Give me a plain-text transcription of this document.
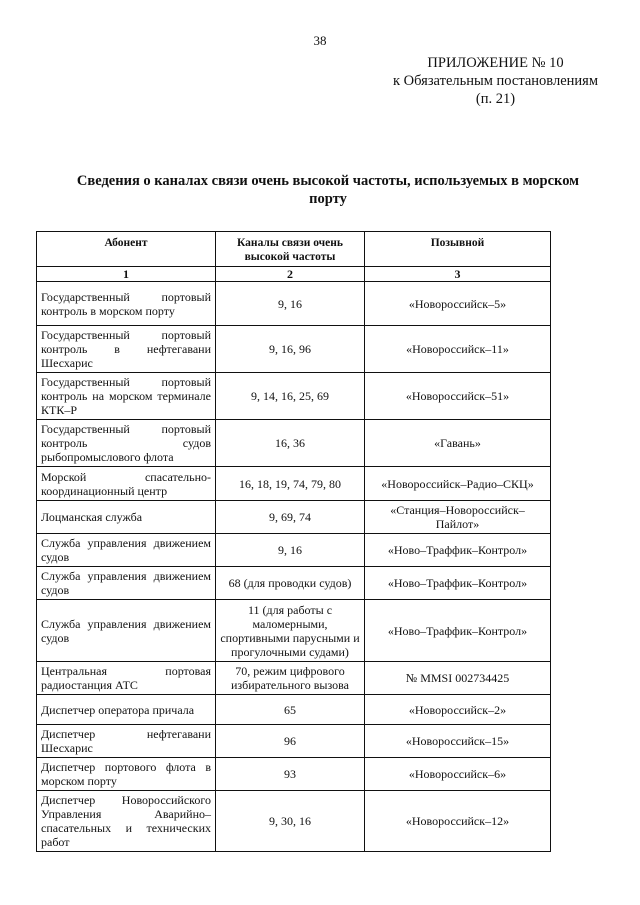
38
ПРИЛОЖЕНИЕ № 10
к Обязательным постановлениям
(п. 21)
Сведения о каналах связи очень высокой частоты, используемых в морском порту
Абонент	Каналы связи очень высокой частоты	Позывной
1	2	3
Государственный портовый контроль в морском порту	9, 16	«Новороссийск–5»
Государственный портовый контроль в нефтегавани Шесхарис	9, 16, 96	«Новороссийск–11»
Государственный портовый контроль на морском терминале КТК–Р	9, 14, 16, 25, 69	«Новороссийск–51»
Государственный портовый контроль судов рыбопромыслового флота	16, 36	«Гавань»
Морской спасательно-координационный центр	16, 18, 19, 74, 79, 80	«Новороссийск–Радио–СКЦ»
Лоцманская служба	9, 69, 74	«Станция–Новороссийск–Пайлот»
Служба управления движением судов	9, 16	«Ново–Траффик–Контрол»
Служба управления движением судов	68 (для проводки судов)	«Ново–Траффик–Контрол»
Служба управления движением судов	11 (для работы с маломерными, спортивными парусными и прогулочными судами)	«Ново–Траффик–Контрол»
Центральная портовая радиостанция АТС	70, режим цифрового избирательного вызова	№ MMSI 002734425
Диспетчер оператора причала	65	«Новороссийск–2»
Диспетчер нефтегавани Шесхарис	96	«Новороссийск–15»
Диспетчер портового флота в морском порту	93	«Новороссийск–6»
Диспетчер Новороссийского Управления Аварийно–спасательных и технических работ	9, 30, 16	«Новороссийск–12»
